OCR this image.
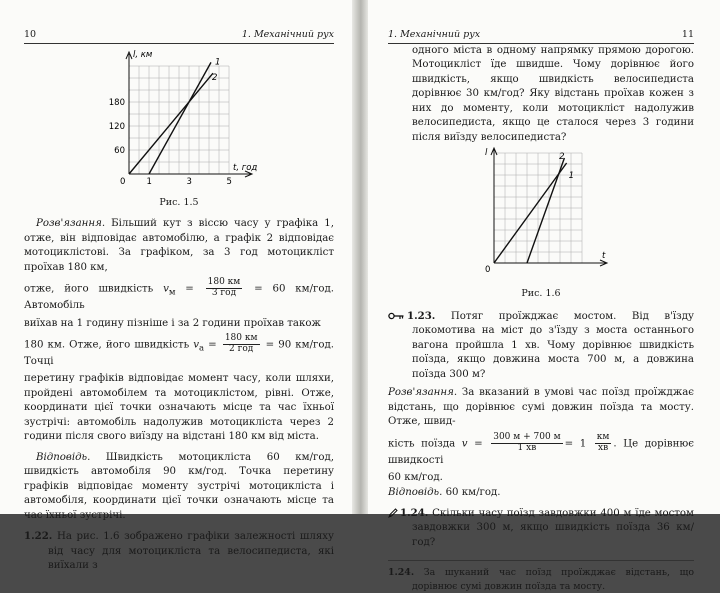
10	1. Механічний рух
l, км
t, год
0 1	3	5
60
120
180
1
2
Рис. 1.5

Розв'язання. Більший кут з віссю часу у графіка 1, отже, він відповідає автомобілю, а графік 2 відповідає мотоциклістові. За графіком, за 3 год мотоцикліст проїхав 180 км,

отже, його швидкість $v_м = \frac{180 км}{\text{3 год}} = 60$ км/год. Автомобіль

виїхав на 1 годину пізніше і за 2 години проїхав також

180 км. Отже, його швидкість $v_а = \frac{180 км}{\text{2 год}} = 90$ км/год. Точці

перетину графіків відповідає момент часу, коли шляхи, пройдені автомобілем та мотоциклістом, рівні. Отже, координати цієї точки означають місце та час їхньої зустрічі: автомобіль надолужив мотоцикліста через 2 години після свого виїзду на відстані 180 км від міста.

Відповідь. Швидкість мотоцикліста 60 км/год, швидкість автомобіля 90 км/год. Точка перетину графіків відповідає моменту зустрічі мотоцикліста і автомобіля, координати цієї точки означають місце та час їхньої зустрічі.

1.22. На рис. 1.6 зображено графіки залежності шляху від часу для мотоцикліста та велосипедиста, які виїхали з

1. Механічний рух	11

одного міста в одному напрямку прямою дорогою. Мотоцикліст їде швидше. Чому дорівнює його швидкість, якщо швидкість велосипедиста дорівнює 30 км/год? Яку відстань проїхав кожен з них до моменту, коли мотоцикліст надолужив велосипедиста, якщо це сталося через 3 години після виїзду велосипедиста?

l
t
0
1
2
Рис. 1.6

1.23. Потяг проїжджає мостом. Від в'їзду локомотива на міст до з'їзду з моста останнього вагона пройшла 1 хв. Чому дорівнює швидкість поїзда, якщо довжина моста 700 м, а довжина поїзда 300 м?

Розв'язання. За вказаний в умові час поїзд проїжджає відстань, що дорівнює сумі довжин поїзда та мосту. Отже, швид-

кість поїзда $v = \frac{300 м + 700 м}{1 хв} = 1 \frac{км}{хв}$ . Це дорівнює швидкості

60 км/год.

Відповідь. 60 км/год.

1.24. Скільки часу поїзд завдовжки 400 м їде мостом завдовжки 300 м, якщо швидкість поїзда 36 км/год?

1.24. За шуканий час поїзд проїжджає відстань, що дорівнює сумі довжин поїзда та мосту.
